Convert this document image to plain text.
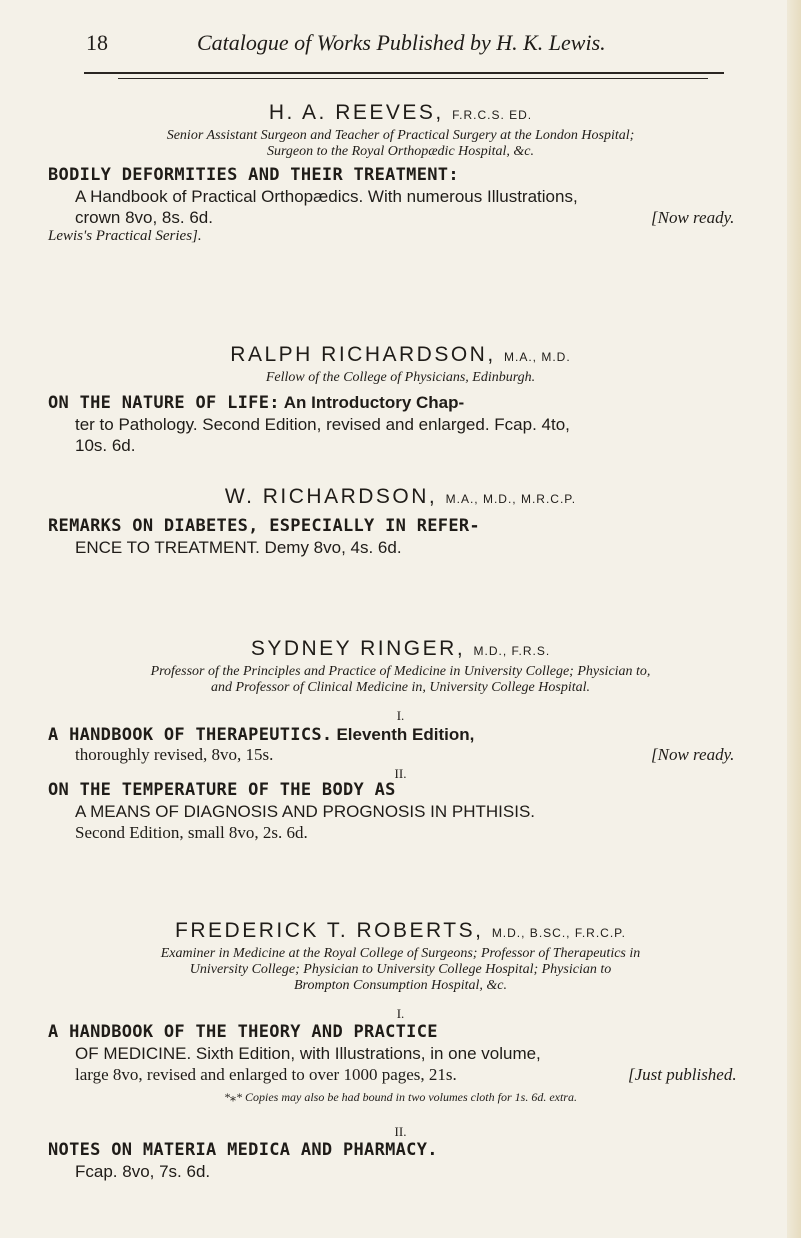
18	Catalogue of Works Published by H. K. Lewis.
H. A. REEVES, F.R.C.S. ED.
Senior Assistant Surgeon and Teacher of Practical Surgery at the London Hospital;
Surgeon to the Royal Orthopædic Hospital, &c.
BODILY DEFORMITIES AND THEIR TREATMENT:
A Handbook of Practical Orthopædics. With numerous Illustrations,
crown 8vo, 8s. 6d.	[Now ready.
Lewis's Practical Series].
RALPH RICHARDSON, M.A., M.D.
Fellow of the College of Physicians, Edinburgh.
ON THE NATURE OF LIFE: An Introductory Chap-
ter to Pathology. Second Edition, revised and enlarged. Fcap. 4to,
10s. 6d.
W. RICHARDSON, M.A., M.D., M.R.C.P.
REMARKS ON DIABETES, ESPECIALLY IN REFER-
ENCE TO TREATMENT. Demy 8vo, 4s. 6d.
SYDNEY RINGER, M.D., F.R.S.
Professor of the Principles and Practice of Medicine in University College; Physician to,
and Professor of Clinical Medicine in, University College Hospital.
I.
A HANDBOOK OF THERAPEUTICS. Eleventh Edition,
thoroughly revised, 8vo, 15s.	[Now ready.
II.
ON THE TEMPERATURE OF THE BODY AS
A MEANS OF DIAGNOSIS AND PROGNOSIS IN PHTHISIS.
Second Edition, small 8vo, 2s. 6d.
FREDERICK T. ROBERTS, M.D., B.SC., F.R.C.P.
Examiner in Medicine at the Royal College of Surgeons; Professor of Therapeutics in
University College; Physician to University College Hospital; Physician to
Brompton Consumption Hospital, &c.
I.
A HANDBOOK OF THE THEORY AND PRACTICE
OF MEDICINE. Sixth Edition, with Illustrations, in one volume,
large 8vo, revised and enlarged to over 1000 pages, 21s.	[Just published.
*⁎* Copies may also be had bound in two volumes cloth for 1s. 6d. extra.
II.
NOTES ON MATERIA MEDICA AND PHARMACY.
Fcap. 8vo, 7s. 6d.
